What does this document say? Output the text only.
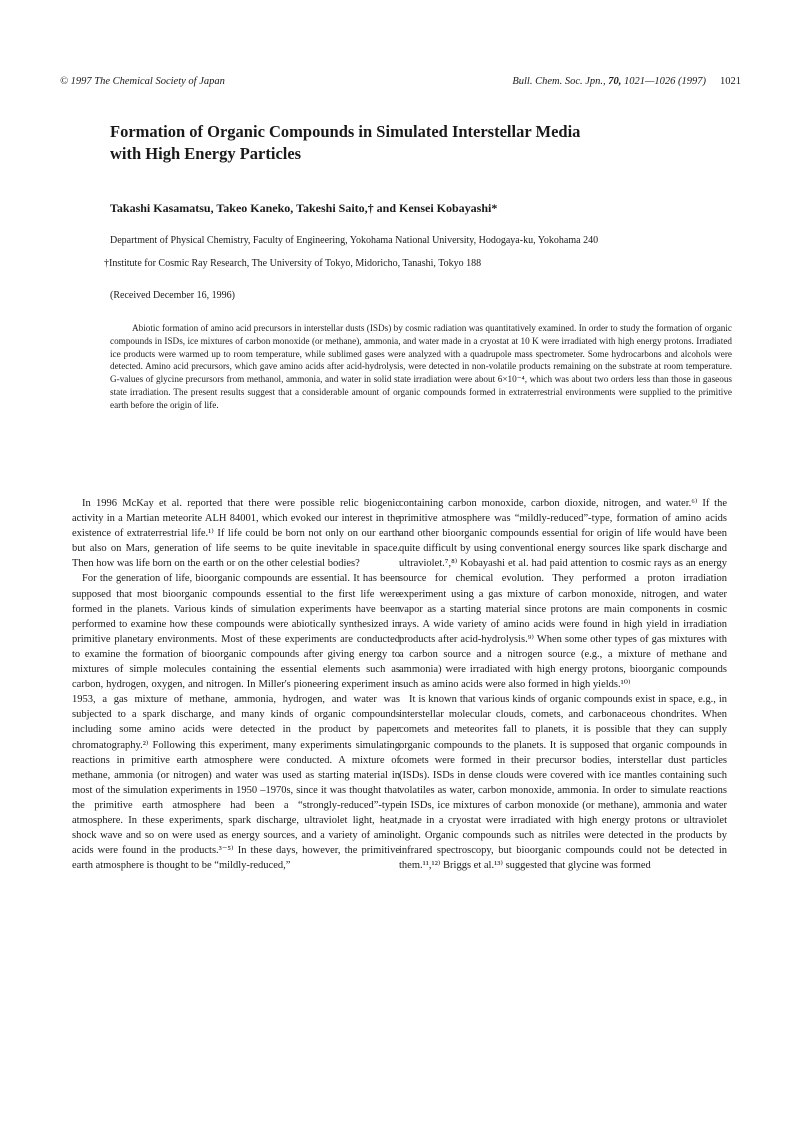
© 1997 The Chemical Society of Japan	Bull. Chem. Soc. Jpn., 70, 1021—1026 (1997) 1021
Formation of Organic Compounds in Simulated Interstellar Media
with High Energy Particles
Takashi Kasamatsu, Takeo Kaneko, Takeshi Saito,† and Kensei Kobayashi*
Department of Physical Chemistry, Faculty of Engineering, Yokohama National University, Hodogaya-ku, Yokohama 240
†Institute for Cosmic Ray Research, The University of Tokyo, Midoricho, Tanashi, Tokyo 188
(Received December 16, 1996)

Abiotic formation of amino acid precursors in interstellar dusts (ISDs) by cosmic radiation was quantitatively examined. In order to study the formation of organic compounds in ISDs, ice mixtures of carbon monoxide (or methane), ammonia, and water made in a cryostat at 10 K were irradiated with high energy protons. Irradiated ice products were warmed up to room temperature, while sublimed gases were analyzed with a quadrupole mass spectrometer. Some hydrocarbons and alcohols were detected. Amino acid precursors, which gave amino acids after acid-hydrolysis, were detected in non-volatile products remaining on the substrate at room temperature. G-values of glycine precursors from methanol, ammonia, and water in solid state irradiation were about 6×10⁻⁴, which was about two orders less than those in gaseous state irradiation. The present results suggest that a considerable amount of organic compounds formed in extraterrestrial environments were supplied to the primitive earth before the origin of life.

In 1996 McKay et al. reported that there were possible relic biogenic activity in a Martian meteorite ALH 84001, which evoked our interest in the existence of extraterrestrial life.¹⁾ If life could be born not only on our earth but also on Mars, generation of life seems to be quite inevitable in space. Then how was life born on the earth or on the other celestial bodies?

For the generation of life, bioorganic compounds are essential. It has been supposed that most bioorganic compounds essential to the first life were formed in the planets. Various kinds of simulation experiments have been performed to examine how these compounds were abiotically synthesized in primitive planetary environments. Most of these experiments are conducted to examine the formation of bioorganic compounds after giving energy to mixtures of simple molecules containing the essential elements such as carbon, hydrogen, oxygen, and nitrogen. In Miller's pioneering experiment in 1953, a gas mixture of methane, ammonia, hydrogen, and water was subjected to a spark discharge, and many kinds of organic compounds including some amino acids were detected in the product by paper chromatography.²⁾ Following this experiment, many experiments simulating reactions in primitive earth atmosphere were conducted. A mixture of methane, ammonia (or nitrogen) and water was used as starting material in most of the simulation experiments in 1950 –1970s, since it was thought that the primitive earth atmosphere had been a “strongly-reduced”-type atmosphere. In these experiments, spark discharge, ultraviolet light, heat, shock wave and so on were used as energy sources, and a variety of amino acids were found in the products.³⁻⁵⁾ In these days, however, the primitive earth atmosphere is thought to be “mildly-reduced,”

containing carbon monoxide, carbon dioxide, nitrogen, and water.⁶⁾ If the primitive atmosphere was “mildly-reduced”-type, formation of amino acids and other bioorganic compounds essential for origin of life would have been quite difficult by using conventional energy sources like spark discharge and ultraviolet.⁷,⁸⁾ Kobayashi et al. had paid attention to cosmic rays as an energy source for chemical evolution. They performed a proton irradiation experiment using a gas mixture of carbon monoxide, nitrogen, and water vapor as a starting material since protons are main components in cosmic rays. A wide variety of amino acids were found in high yield in irradiation products after acid-hydrolysis.⁹⁾ When some other types of gas mixtures with a carbon source and a nitrogen source (e.g., a mixture of methane and ammonia) were irradiated with high energy protons, bioorganic compounds such as amino acids were also formed in high yields.¹⁰⁾

It is known that various kinds of organic compounds exist in space, e.g., in interstellar molecular clouds, comets, and carbonaceous chondrites. When comets and meteorites fall to planets, it is possible that they can supply organic compounds to the planets. It is supposed that organic compounds in comets were formed in their precursor bodies, interstellar dust particles (ISDs). ISDs in dense clouds were covered with ice mantles containing such volatiles as water, carbon monoxide, ammonia. In order to simulate reactions in ISDs, ice mixtures of carbon monoxide (or methane), ammonia and water made in a cryostat were irradiated with high energy protons or ultraviolet light. Organic compounds such as nitriles were detected in the products by infrared spectroscopy, but bioorganic compounds could not be detected in them.¹¹,¹²⁾ Briggs et al.¹³⁾ suggested that glycine was formed
